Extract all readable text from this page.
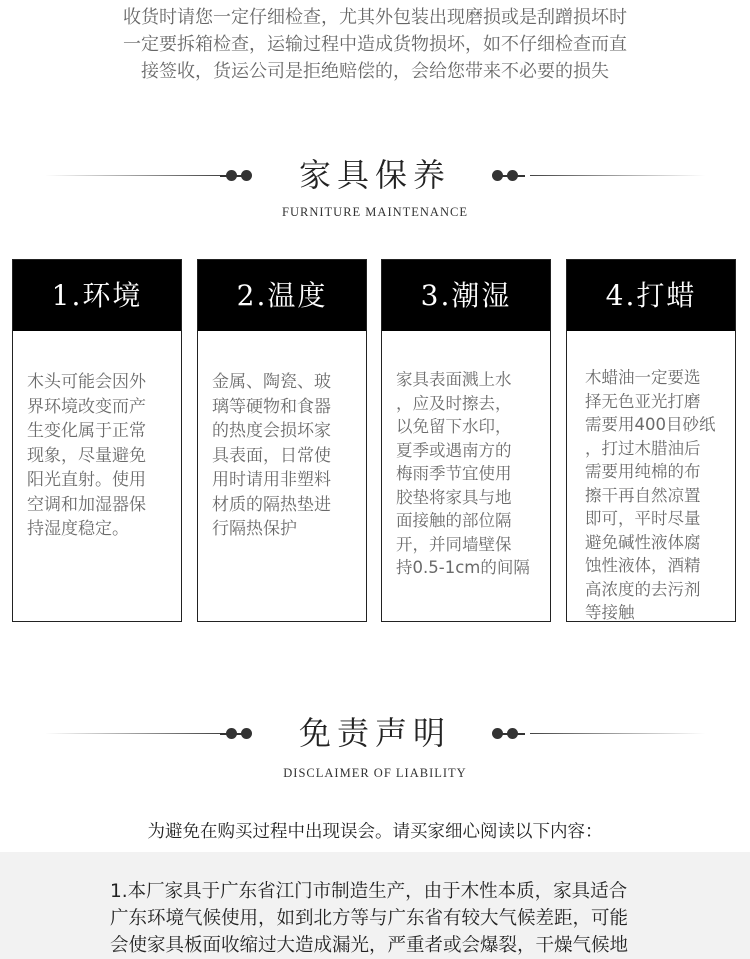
收货时请您一定仔细检查，尤其外包装出现磨损或是刮蹭损坏时
一定要拆箱检查，运输过程中造成货物损坏，如不仔细检查而直
接签收，货运公司是拒绝赔偿的，会给您带来不必要的损失
家具保养
FURNITURE MAINTENANCE
1.环境
木头可能会因外
界环境改变而产
生变化属于正常
现象，尽量避免
阳光直射。使用
空调和加湿器保
持湿度稳定。
2.温度
金属、陶瓷、玻
璃等硬物和食器
的热度会损坏家
具表面，日常使
用时请用非塑料
材质的隔热垫进
行隔热保护
3.潮湿
家具表面溅上水
，应及时擦去，
以免留下水印，
夏季或遇南方的
梅雨季节宜使用
胶垫将家具与地
面接触的部位隔
开，并同墙壁保
持0.5-1cm的间隔
4.打蜡
木蜡油一定要选
择无色亚光打磨
需要用400目砂纸
，打过木腊油后
需要用纯棉的布
擦干再自然凉置
即可，平时尽量
避免碱性液体腐
蚀性液体，酒精
高浓度的去污剂
等接触
免责声明
DISCLAIMER OF LIABILITY
为避免在购买过程中出现误会。请买家细心阅读以下内容：
1.本厂家具于广东省江门市制造生产，由于木性本质，家具适合
广东环境气候使用，如到北方等与广东省有较大气候差距，可能
会使家具板面收缩过大造成漏光，严重者或会爆裂，干燥气候地
